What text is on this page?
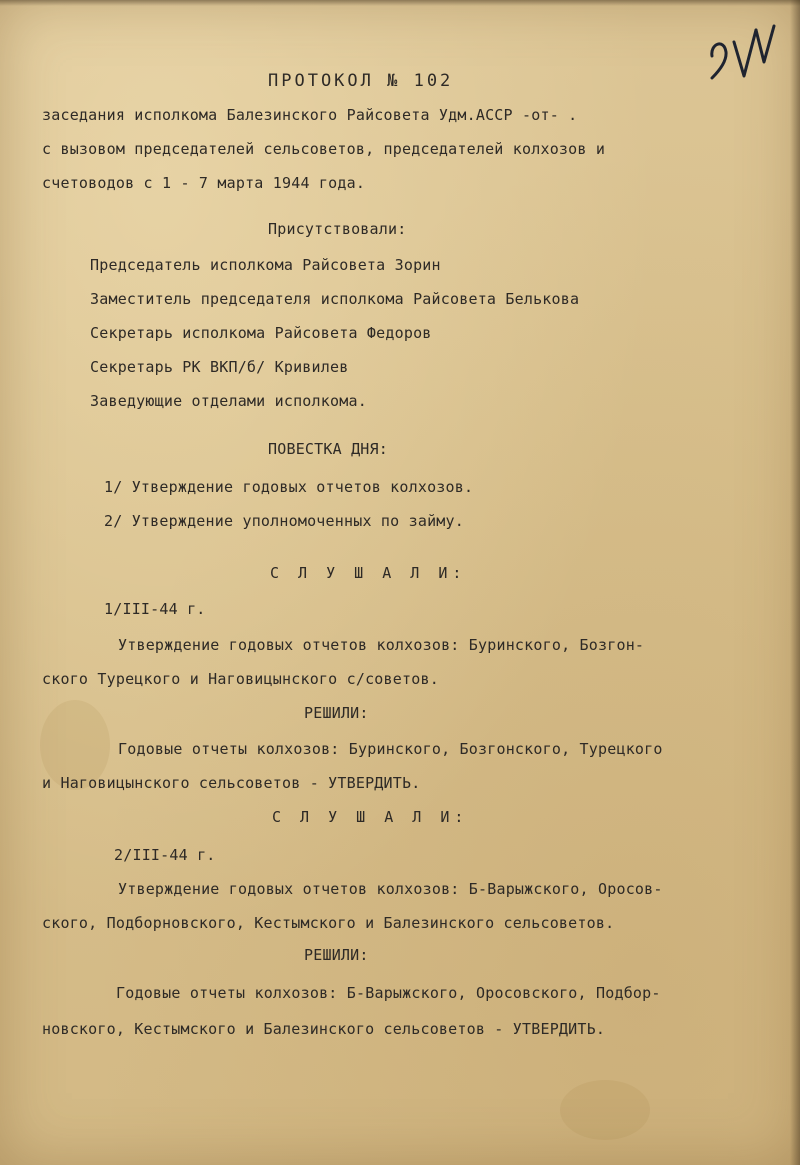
ПРОТОКОЛ № 102
заседания исполкома Балезинского Райсовета Удм.АССР -от- .
с вызовом председателей сельсоветов, председателей колхозов и
счетоводов с 1 - 7 марта 1944 года.
Присутствовали:
Председатель исполкома Райсовета Зорин
Заместитель председателя исполкома Райсовета Белькова
Секретарь исполкома Райсовета Федоров
Секретарь РК ВКП/б/ Кривилев
Заведующие отделами исполкома.
ПОВЕСТКА ДНЯ:
1/ Утверждение годовых отчетов колхозов.
2/ Утверждение уполномоченных по займу.
С Л У Ш А Л И:
1/III-44 г.
Утверждение годовых отчетов колхозов: Буринского, Бозгон-
ского Турецкого и Наговицынского с/советов.
РЕШИЛИ:
Годовые отчеты колхозов: Буринского, Бозгонского, Турецкого
и Наговицынского сельсоветов - УТВЕРДИТЬ.
С Л У Ш А Л И:
2/III-44 г.
Утверждение годовых отчетов колхозов: Б-Варыжского, Оросов-
ского, Подборновского, Кестымского и Балезинского сельсоветов.
РЕШИЛИ:
Годовые отчеты колхозов: Б-Варыжского, Оросовского, Подбор-
новского, Кестымского и Балезинского сельсоветов - УТВЕРДИТЬ.
